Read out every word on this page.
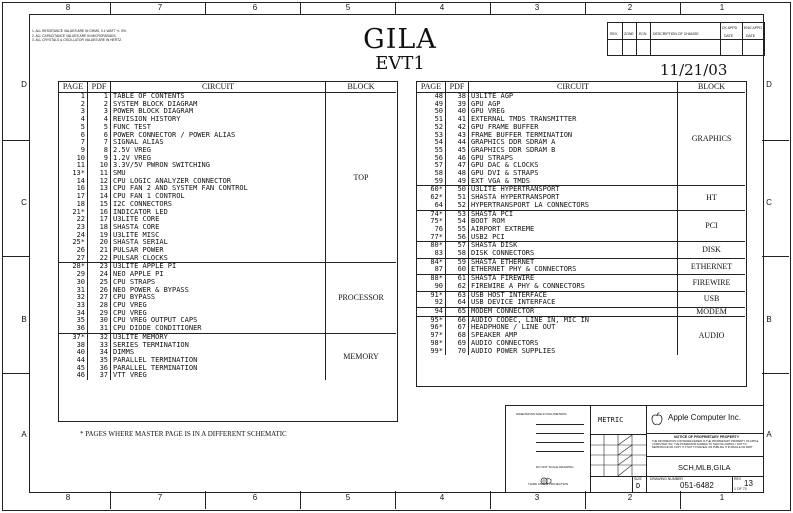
8	7	6	5	4	3	2	1
8	7	6	5	4	3	2	1
D
C
B
A
D
C
B
A
1. ALL RESISTANCE VALUES ARE IN OHMS, 0.1 WATT +/- 5%.
2. ALL CAPACITANCE VALUES ARE IN MICROFARADS.
3. ALL CRYSTALS & OSCILLATOR VALUES ARE IN HERTZ.	GILA
EVT1	11/21/03
REV ZONE ECN DESCRIPTION OF CHANGE
CK APPD
DATE
ENG APPD
DATE
PAGE	PDF	CIRCUIT	BLOCK
1	1	TABLE OF CONTENTS	TOP
2	2	SYSTEM BLOCK DIAGRAM	
3	3	POWER BLOCK DIAGRAM	
4	4	REVISION HISTORY	
5	5	FUNC TEST	
6	6	POWER CONNECTOR / POWER ALIAS	
7	7	SIGNAL ALIAS	
9	8	2.5V VREG	
10	9	1.2V VREG	
11	10	3.3V/5V PWRON SWITCHING	
13*	11	SMU	
14	12	CPU LOGIC ANALYZER CONNECTOR	
16	13	CPU FAN 2 AND SYSTEM FAN CONTROL	
17	14	CPU FAN 1 CONTROL	
18	15	I2C CONNECTORS	
21*	16	INDICATOR LED	
22	17	U3LITE CORE	
23	18	SHASTA CORE	
24	19	U3LITE MISC	
25*	20	SHASTA SERIAL	
26	21	PULSAR POWER	
27	22	PULSAR CLOCKS	
28*	23	U3LITE APPLE PI	PROCESSOR
29	24	NEO APPLE PI	
30	25	CPU STRAPS	
31	26	NEO POWER & BYPASS	
32	27	CPU BYPASS	
33	28	CPU VREG	
34	29	CPU VREG	
35	30	CPU VREG OUTPUT CAPS	
36	31	CPU DIODE CONDITIONER	
37*	32	U3LITE MEMORY	MEMORY
38	33	SERIES TERMINATION	
40	34	DIMMS	
44	35	PARALLEL TERMINATION	
45	36	PARALLEL TERMINATION	
46	37	VTT VREG	
PAGE	PDF	CIRCUIT	BLOCK
48	38	U3LITE AGP	GRAPHICS
49	39	GPU AGP	
50	40	GPU VREG	
51	41	EXTERNAL TMDS TRANSMITTER	
52	42	GPU FRAME BUFFER	
53	43	FRAME BUFFER TERMINATION	
54	44	GRAPHICS DDR SDRAM A	
55	45	GRAPHICS DDR SDRAM B	
56	46	GPU STRAPS	
57	47	GPU DAC & CLOCKS	
58	48	GPU DVI & STRAPS	
59	49	EXT VGA & TMDS	
60*	50	U3LITE HYPERTRANSPORT	HT
62*	51	SHASTA HYPERTRANSPORT	
64	52	HYPERTRANSPORT LA CONNECTORS	
74*	53	SHASTA PCI	PCI
75*	54	BOOT ROM	
76	55	AIRPORT EXTREME	
77*	56	USB2 PCI	
80*	57	SHASTA DISK	DISK
83	58	DISK CONNECTORS	
84*	59	SHASTA ETHERNET	ETHERNET
87	60	ETHERNET PHY & CONNECTORS	
88*	61	SHASTA FIREWIRE	FIREWIRE
90	62	FIREWIRE A PHY & CONNECTORS	
91*	63	USB HOST INTERFACE	USB
92	64	USB DEVICE INTERFACE	
94	65	MODEM CONNECTOR	MODEM
95*	66	AUDIO CODEC, LINE IN, MIC IN	AUDIO
96*	67	HEADPHONE / LINE OUT	
97*	68	SPEAKER AMP	
98*	69	AUDIO CONNECTORS	
99*	70	AUDIO POWER SUPPLIES	
* PAGES WHERE MASTER PAGE IS IN A DIFFERENT SCHEMATIC
DIMENSIONS ARE IN MILLIMETERS
DO NOT SCALE DRAWING
THIRD ANGLE PROJECTION
METRIC	Apple Computer Inc.
NOTICE OF PROPRIETARY PROPERTY
THE INFORMATION CONTAINED HEREIN IS THE PROPRIETARY PROPERTY OF APPLE COMPUTER, INC. THE POSSESSOR AGREES TO THE FOLLOWING: I NOT TO REPRODUCE OR COPY IT II NOT TO REVEAL OR PUBLISH IT IN WHOLE OR PART
SCH,MLB,GILA
SIZE
D
DRAWING NUMBER
051-6482
REV 13
1 OF 70
